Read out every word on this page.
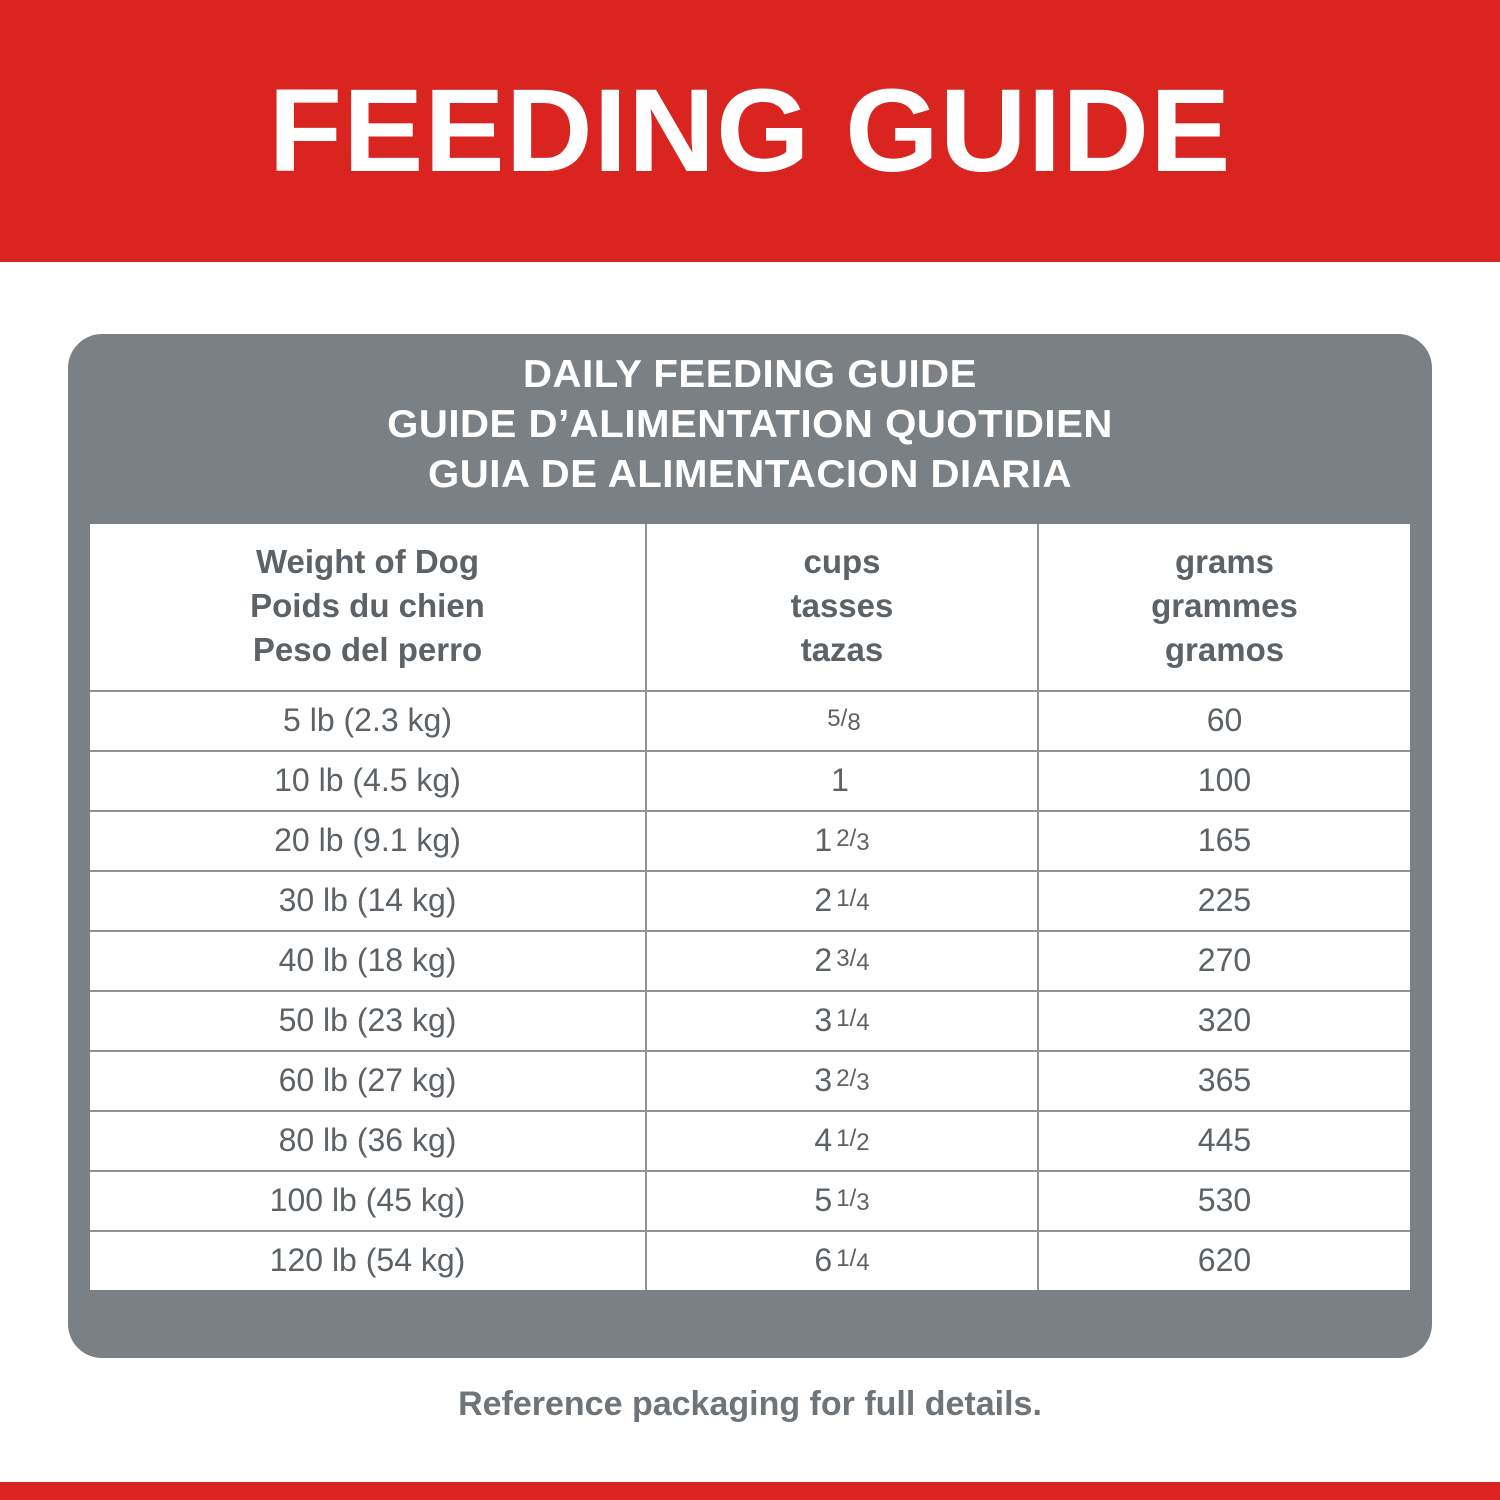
FEEDING GUIDE
DAILY FEEDING GUIDE
GUIDE D’ALIMENTATION QUOTIDIEN
GUIA DE ALIMENTACION DIARIA
Weight of Dog
Poids du chien
Peso del perro

cups
tasses
tazas

grams
grammes
gramos

5 lb (2.3 kg)	5/8	60
10 lb (4.5 kg)	1	100
20 lb (9.1 kg)	1 2/3	165
30 lb (14 kg)	2 1/4	225
40 lb (18 kg)	2 3/4	270
50 lb (23 kg)	3 1/4	320
60 lb (27 kg)	3 2/3	365
80 lb (36 kg)	4 1/2	445
100 lb (45 kg)	5 1/3	530
120 lb (54 kg)	6 1/4	620
Reference packaging for full details.
